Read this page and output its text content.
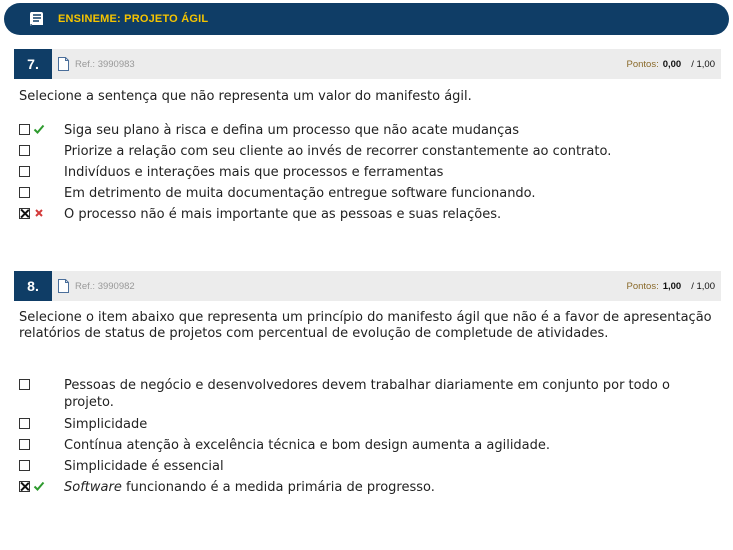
ENSINEME: PROJETO ÁGIL
7.	Ref.: 3990983	Pontos: 0,00 / 1,00
Selecione a sentença que não representa um valor do manifesto ágil.
Siga seu plano à risca e defina um processo que não acate mudanças
Priorize a relação com seu cliente ao invés de recorrer constantemente ao contrato.
Indivíduos e interações mais que processos e ferramentas
Em detrimento de muita documentação entregue software funcionando.
O processo não é mais importante que as pessoas e suas relações.
8.	Ref.: 3990982	Pontos: 1,00 / 1,00
Selecione o item abaixo que representa um princípio do manifesto ágil que não é a favor de apresentação relatórios de status de projetos com percentual de evolução de completude de atividades.
Pessoas de negócio e desenvolvedores devem trabalhar diariamente em conjunto por todo o projeto.
Simplicidade
Contínua atenção à excelência técnica e bom design aumenta a agilidade.
Simplicidade é essencial
Software funcionando é a medida primária de progresso.
